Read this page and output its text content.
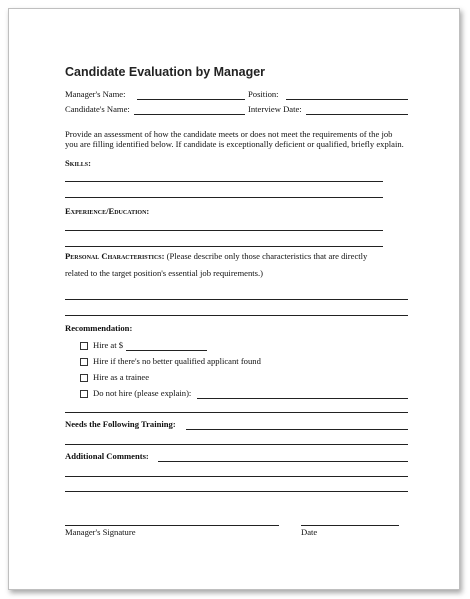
Candidate Evaluation by Manager
Manager's Name:	Position:
Candidate's Name:	Interview Date:
Provide an assessment of how the candidate meets or does not meet the requirements of the job
you are filling identified below. If candidate is exceptionally deficient or qualified, briefly explain.
Skills:
Experience/Education:
Personal Characteristics: (Please describe only those characteristics that are directly
related to the target position's essential job requirements.)
Recommendation:
Hire at $
Hire if there's no better qualified applicant found
Hire as a trainee
Do not hire (please explain):
Needs the Following Training:
Additional Comments:
Manager's Signature	Date
